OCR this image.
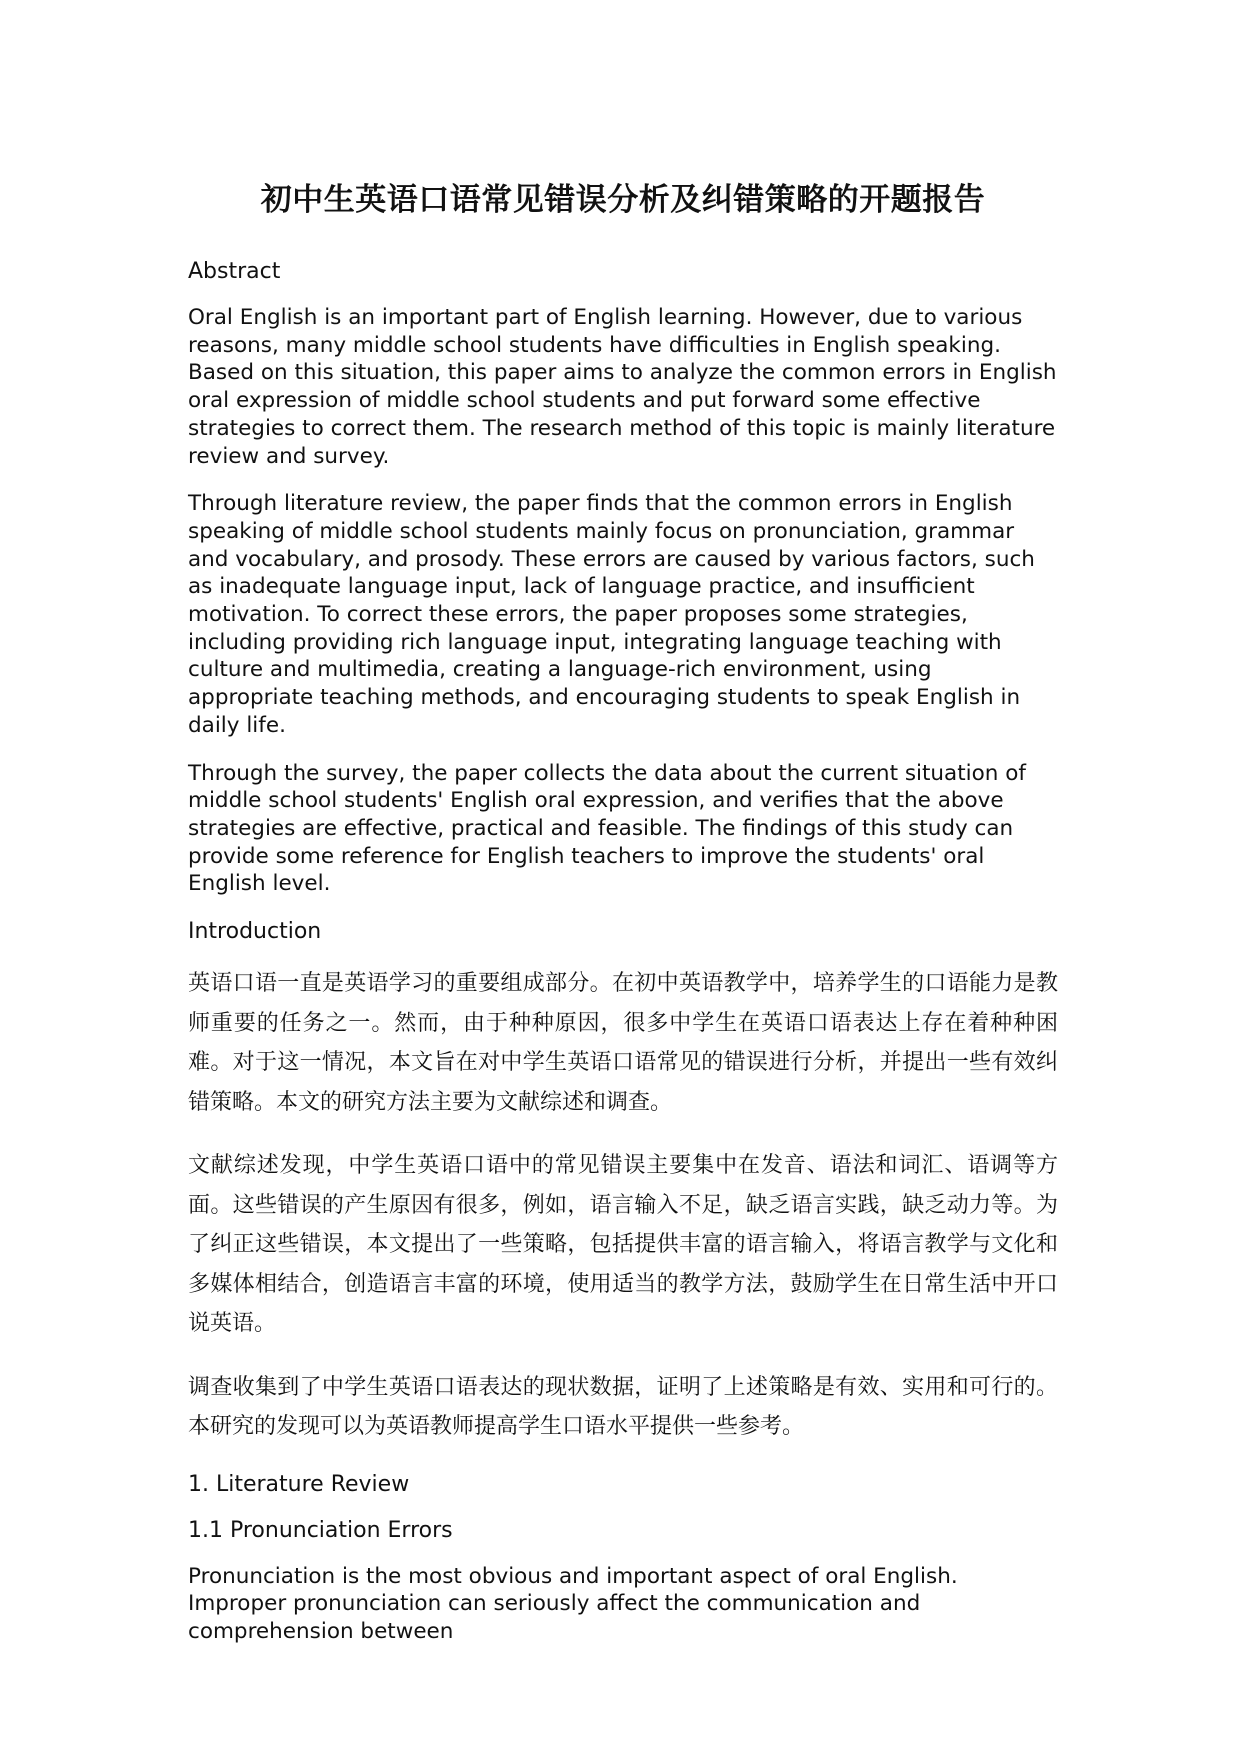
初中生英语口语常见错误分析及纠错策略的开题报告

Abstract

Oral English is an important part of English learning. However, due to various reasons, many middle school students have difficulties in English speaking. Based on this situation, this paper aims to analyze the common errors in English oral expression of middle school students and put forward some effective strategies to correct them. The research method of this topic is mainly literature review and survey.

Through literature review, the paper finds that the common errors in English speaking of middle school students mainly focus on pronunciation, grammar and vocabulary, and prosody. These errors are caused by various factors, such as inadequate language input, lack of language practice, and insufficient motivation. To correct these errors, the paper proposes some strategies, including providing rich language input, integrating language teaching with culture and multimedia, creating a language-rich environment, using appropriate teaching methods, and encouraging students to speak English in daily life.

Through the survey, the paper collects the data about the current situation of middle school students' English oral expression, and verifies that the above strategies are effective, practical and feasible. The findings of this study can provide some reference for English teachers to improve the students' oral English level.

Introduction

英语口语一直是英语学习的重要组成部分。在初中英语教学中，培养学生的口语能力是教师重要的任务之一。然而，由于种种原因，很多中学生在英语口语表达上存在着种种困难。对于这一情况，本文旨在对中学生英语口语常见的错误进行分析，并提出一些有效纠错策略。本文的研究方法主要为文献综述和调查。

文献综述发现，中学生英语口语中的常见错误主要集中在发音、语法和词汇、语调等方面。这些错误的产生原因有很多，例如，语言输入不足，缺乏语言实践，缺乏动力等。为了纠正这些错误，本文提出了一些策略，包括提供丰富的语言输入，将语言教学与文化和多媒体相结合，创造语言丰富的环境，使用适当的教学方法，鼓励学生在日常生活中开口说英语。

调查收集到了中学生英语口语表达的现状数据，证明了上述策略是有效、实用和可行的。本研究的发现可以为英语教师提高学生口语水平提供一些参考。

1. Literature Review

1.1 Pronunciation Errors

Pronunciation is the most obvious and important aspect of oral English. Improper pronunciation can seriously affect the communication and comprehension between
